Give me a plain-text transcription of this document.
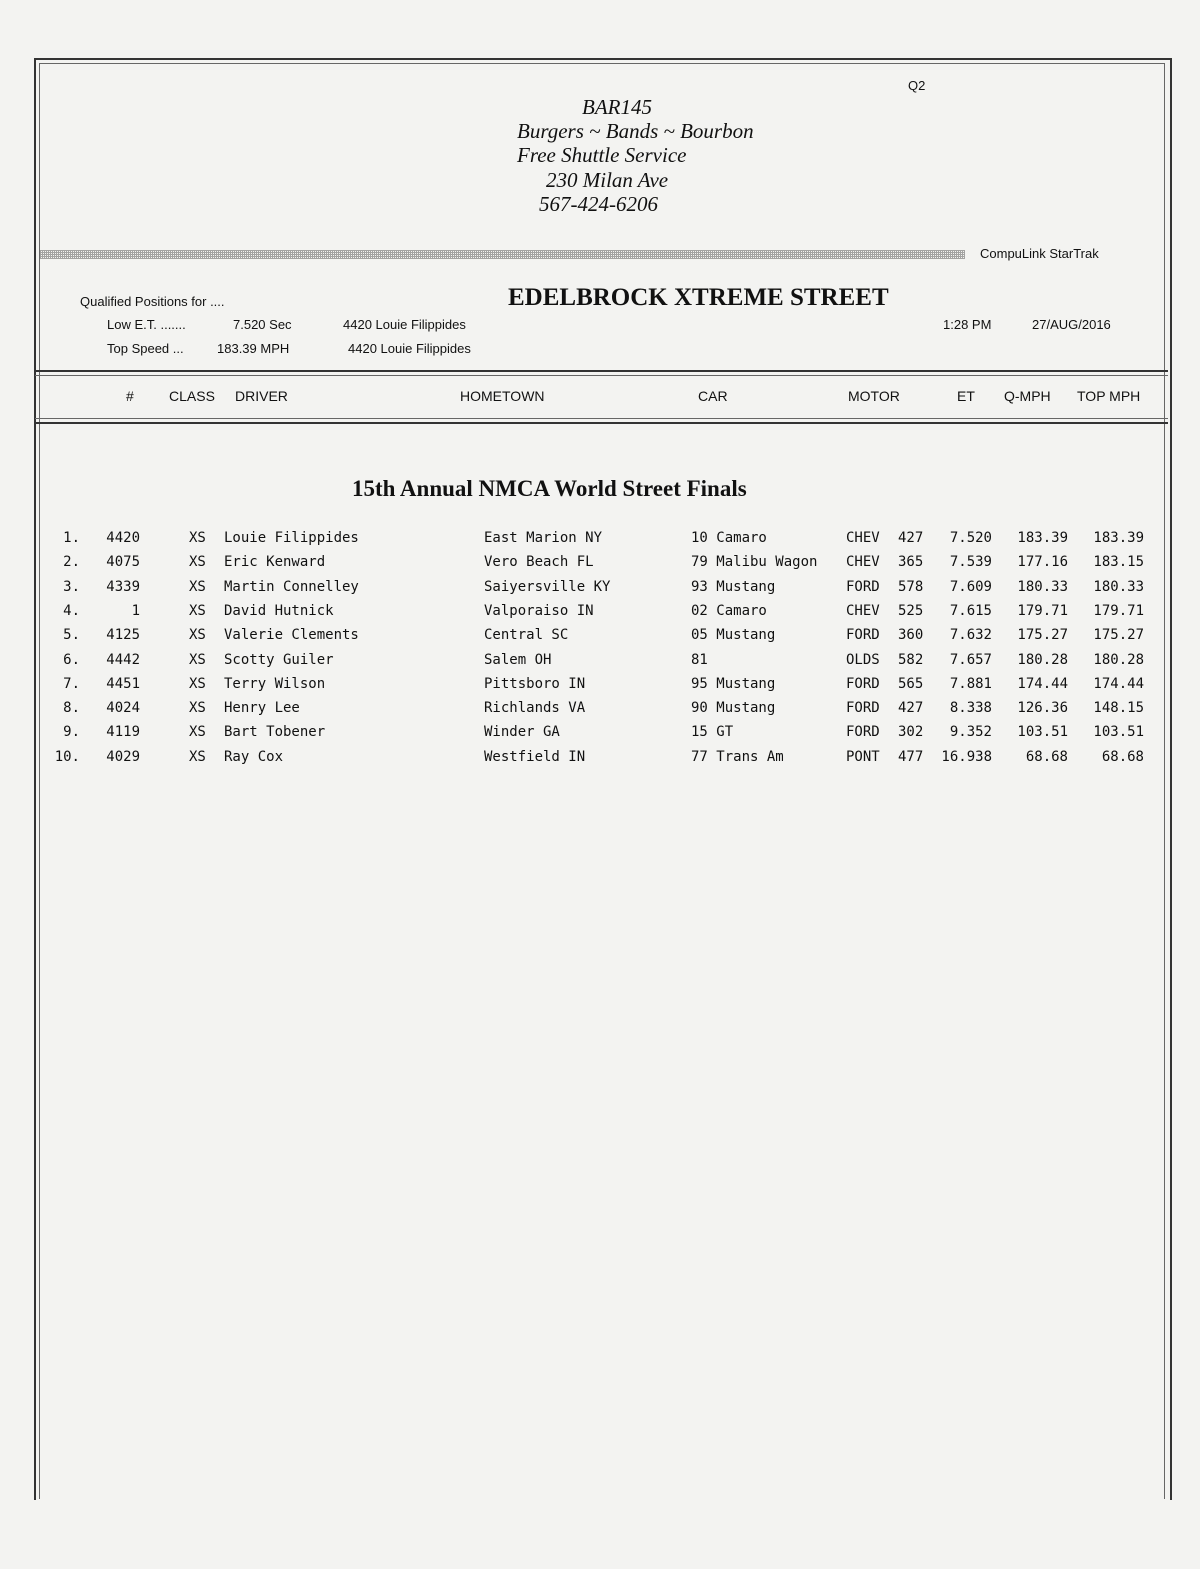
Q2
BAR145
Burgers ~ Bands ~ Bourbon
Free Shuttle Service
230 Milan Ave
567-424-6206
CompuLink StarTrak
EDELBROCK XTREME STREET
Qualified Positions for ....
Low E.T. .......	7.520 Sec	4420 Louie Filippides
Top Speed ...	183.39 MPH	4420 Louie Filippides
1:28 PM	27/AUG/2016
#	CLASS DRIVER	HOMETOWN	CAR	MOTOR	ET Q-MPH TOP MPH
15th Annual NMCA World Street Finals
1.	4420	XS	Louie Filippides	East Marion NY	10 Camaro	CHEV	427	7.520	183.39	183.39
2.	4075	XS	Eric Kenward	Vero Beach FL	79 Malibu Wagon	CHEV	365	7.539	177.16	183.15
3.	4339	XS	Martin Connelley	Saiyersville KY	93 Mustang	FORD	578	7.609	180.33	180.33
4.	1	XS	David Hutnick	Valporaiso IN	02 Camaro	CHEV	525	7.615	179.71	179.71
5.	4125	XS	Valerie Clements	Central SC	05 Mustang	FORD	360	7.632	175.27	175.27
6.	4442	XS	Scotty Guiler	Salem OH	81	OLDS	582	7.657	180.28	180.28
7.	4451	XS	Terry Wilson	Pittsboro IN	95 Mustang	FORD	565	7.881	174.44	174.44
8.	4024	XS	Henry Lee	Richlands VA	90 Mustang	FORD	427	8.338	126.36	148.15
9.	4119	XS	Bart Tobener	Winder GA	15 GT	FORD	302	9.352	103.51	103.51
10.	4029	XS	Ray Cox	Westfield IN	77 Trans Am	PONT	477	16.938	68.68	68.68
